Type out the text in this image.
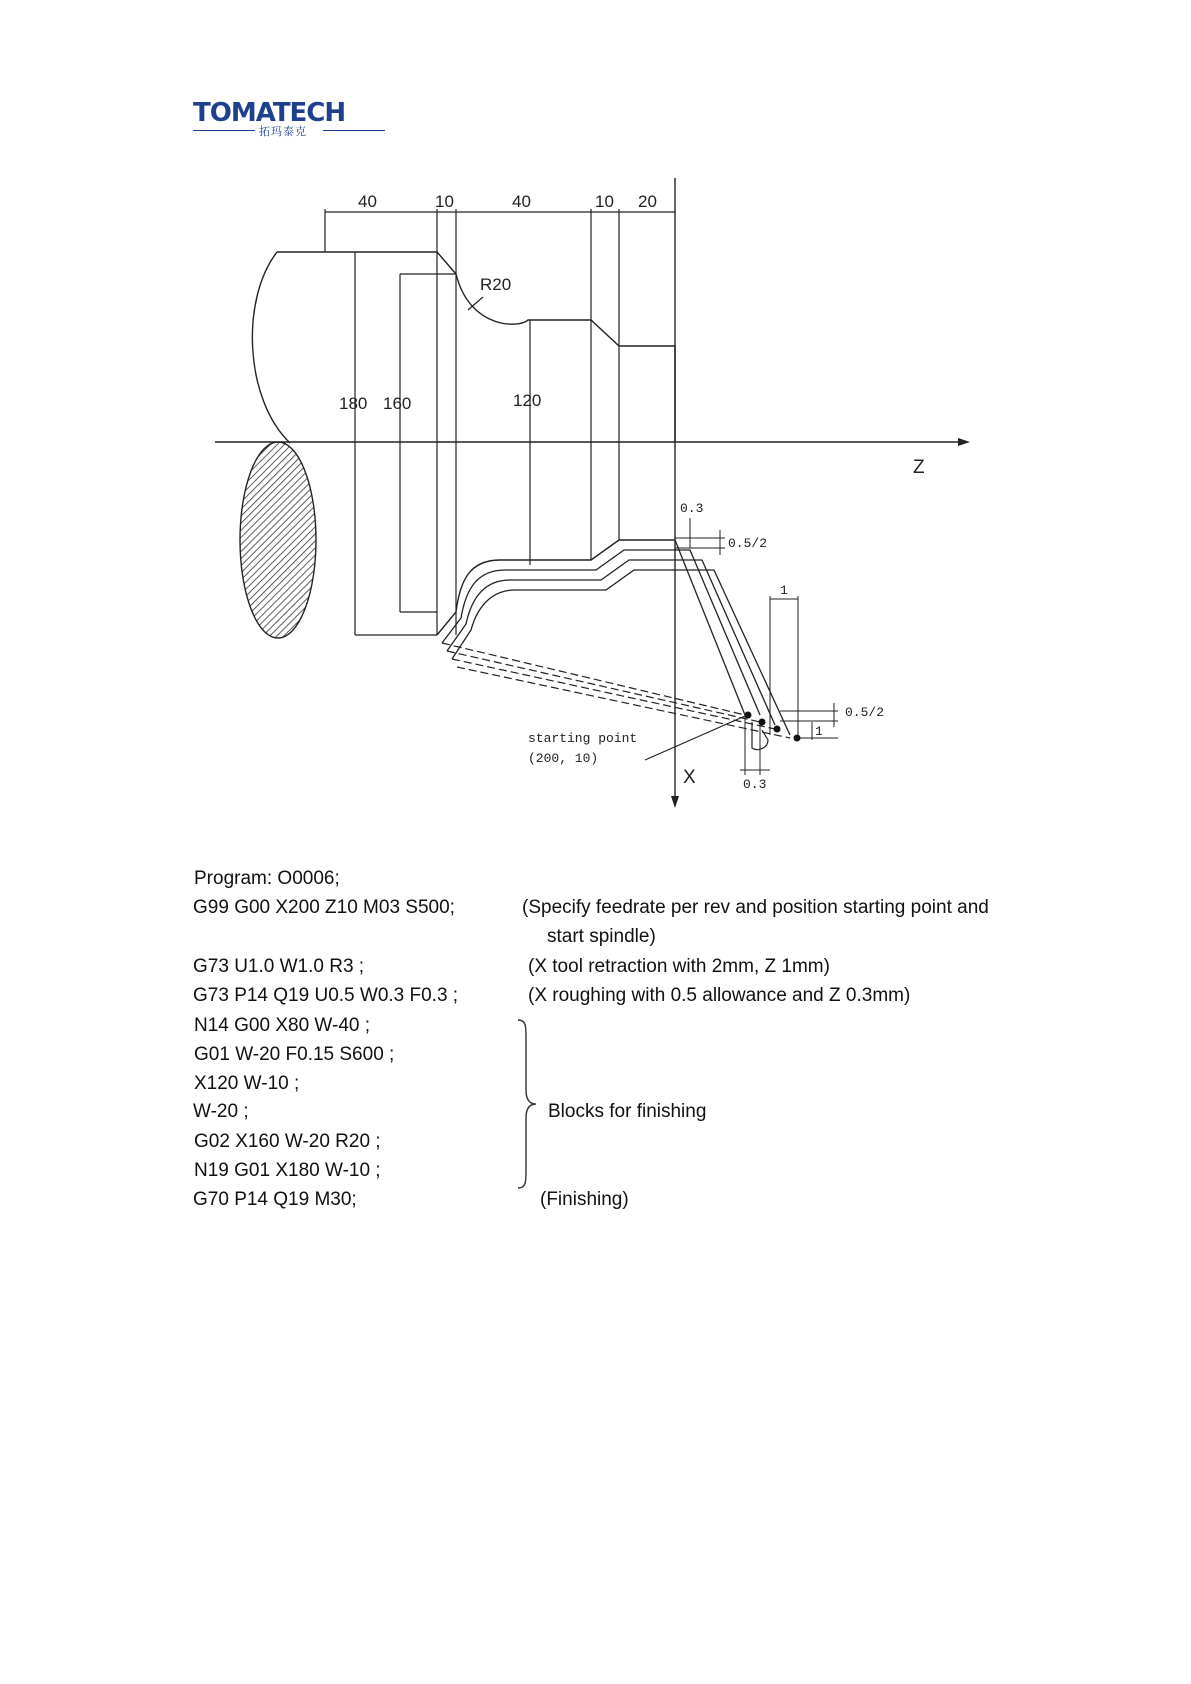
TOMATECH
拓玛泰克
Z
X
40	10	40	10 20
R20
180 160	120
0.3
0.5/2
1
0.5/2
1
0.3
starting point
(200, 10)
Program: O0006;
G99 G00 X200 Z10 M03 S500;	(Specify feedrate per rev and position starting point and
start spindle)
G73 U1.0 W1.0 R3 ;	(X tool retraction with 2mm, Z 1mm)
G73 P14 Q19 U0.5 W0.3 F0.3 ;	(X roughing with 0.5 allowance and Z 0.3mm)
N14 G00 X80 W-40 ;
G01 W-20 F0.15 S600 ;
X120 W-10 ;
W-20 ;
G02 X160 W-20 R20 ;
N19 G01 X180 W-10 ;
G70 P14 Q19 M30;	(Finishing)
Blocks for finishing
